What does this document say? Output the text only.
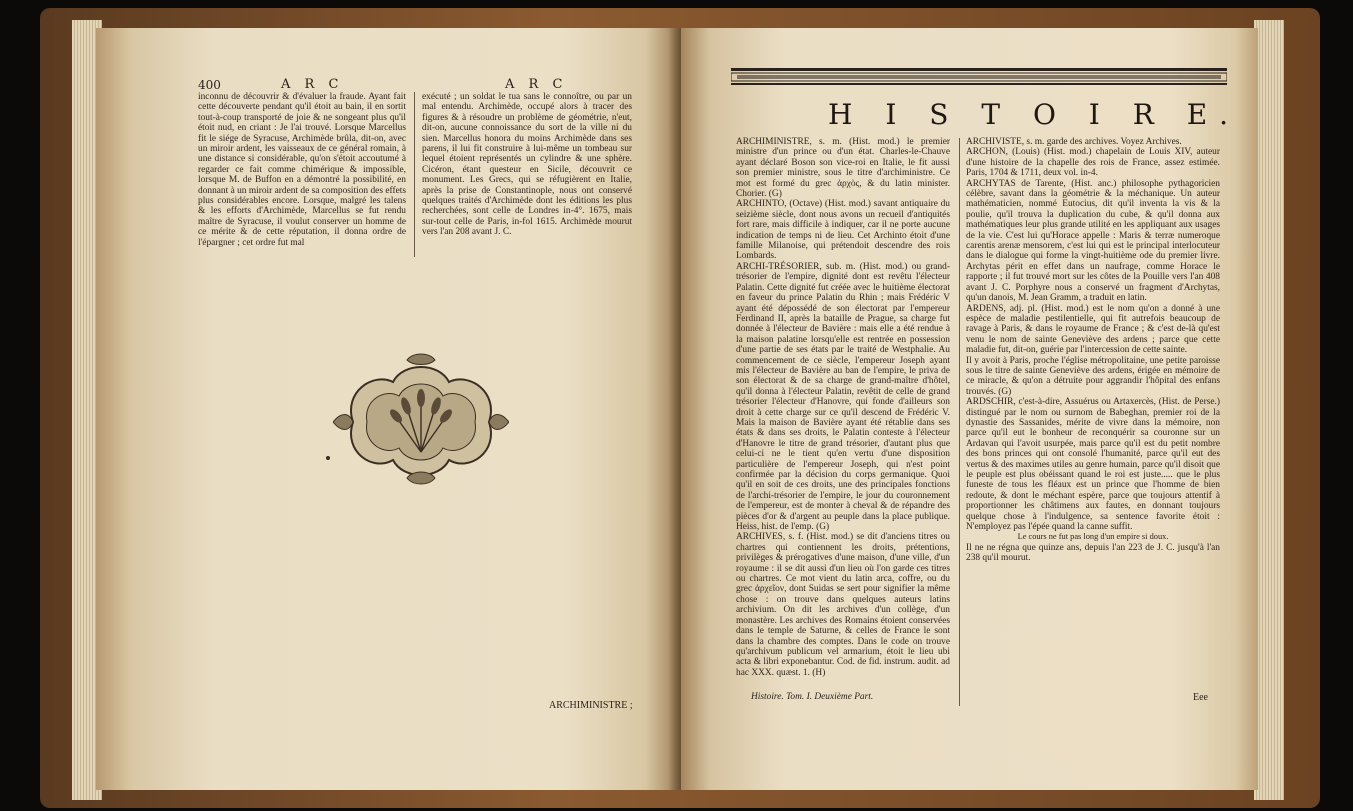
400	A R C	A R C

inconnu de découvrir & d'évaluer la fraude. Ayant fait cette découverte pendant qu'il étoit au bain, il en sortit tout-à-coup transporté de joie & ne songeant plus qu'il étoit nud, en criant : Je l'ai trouvé. Lorsque Marcellus fit le siége de Syracuse, Archimède brûla, dit-on, avec un miroir ardent, les vaisseaux de ce général romain, à une distance si considérable, qu'on s'étoit accoutumé à regarder ce fait comme chimérique & impossible, lorsque M. de Buffon en a démontré la possibilité, en donnant à un miroir ardent de sa composition des effets plus considérables encore. Lorsque, malgré les talens & les efforts d'Archimède, Marcellus se fut rendu maître de Syracuse, il voulut conserver un homme de ce mérite & de cette réputation, il donna ordre de l'épargner ; cet ordre fut mal

exécuté ; un soldat le tua sans le connoître, ou par un mal entendu. Archimède, occupé alors à tracer des figures & à résoudre un problème de géométrie, n'eut, dit-on, aucune connoissance du sort de la ville ni du sien. Marcellus honora du moins Archimède dans ses parens, il lui fit construire à lui-même un tombeau sur lequel étoient représentés un cylindre & une sphère. Cicéron, étant questeur en Sicile, découvrit ce monument. Les Grecs, qui se réfugièrent en Italie, après la prise de Constantinople, nous ont conservé quelques traités d'Archimède dont les éditions les plus recherchées, sont celle de Londres in-4°. 1675, mais sur-tout celle de Paris, in-fol 1615. Archimède mourut vers l'an 208 avant J. C.

ARCHIMINISTRE ;
H I S T O I R E.

ARCHIMINISTRE, s. m. (Hist. mod.) le premier ministre d'un prince ou d'un état. Charles-le-Chauve ayant déclaré Boson son vice-roi en Italie, le fit aussi son premier ministre, sous le titre d'archiministre. Ce mot est formé du grec ἀρχὸς, & du latin minister. Chorier. (G)

ARCHINTO, (Octave) (Hist. mod.) savant antiquaire du seizième siècle, dont nous avons un recueil d'antiquités fort rare, mais difficile à indiquer, car il ne porte aucune indication de temps ni de lieu. Cet Archinto étoit d'une famille Milanoise, qui prétendoit descendre des rois Lombards.

ARCHI-TRÉSORIER, sub. m. (Hist. mod.) ou grand-trésorier de l'empire, dignité dont est revêtu l'électeur Palatin. Cette dignité fut créée avec le huitième électorat en faveur du prince Palatin du Rhin ; mais Frédéric V ayant été dépossédé de son électorat par l'empereur Ferdinand II, après la bataille de Prague, sa charge fut donnée à l'électeur de Bavière : mais elle a été rendue à la maison palatine lorsqu'elle est rentrée en possession d'une partie de ses états par le traité de Westphalie. Au commencement de ce siècle, l'empereur Joseph ayant mis l'électeur de Bavière au ban de l'empire, le priva de son électorat & de sa charge de grand-maître d'hôtel, qu'il donna à l'électeur Palatin, revêtit de celle de grand trésorier l'électeur d'Hanovre, qui fonde d'ailleurs son droit à cette charge sur ce qu'il descend de Frédéric V. Mais la maison de Bavière ayant été rétablie dans ses états & dans ses droits, le Palatin conteste à l'électeur d'Hanovre le titre de grand trésorier, d'autant plus que celui-ci ne le tient qu'en vertu d'une disposition particulière de l'empereur Joseph, qui n'est point confirmée par la décision du corps germanique. Quoi qu'il en soit de ces droits, une des principales fonctions de l'archi-trésorier de l'empire, le jour du couronnement de l'empereur, est de monter à cheval & de répandre des pièces d'or & d'argent au peuple dans la place publique. Heiss, hist. de l'emp. (G)

ARCHIVES, s. f. (Hist. mod.) se dit d'anciens titres ou chartres qui contiennent les droits, prétentions, privilèges & prérogatives d'une maison, d'une ville, d'un royaume : il se dit aussi d'un lieu où l'on garde ces titres ou chartres. Ce mot vient du latin arca, coffre, ou du grec ἀρχεῖον, dont Suidas se sert pour signifier la même chose : on trouve dans quelques auteurs latins archivium. On dit les archives d'un collège, d'un monastère. Les archives des Romains étoient conservées dans le temple de Saturne, & celles de France le sont dans la chambre des comptes. Dans le code on trouve qu'archivum publicum vel armarium, étoit le lieu ubi acta & libri exponebantur. Cod. de fid. instrum. audit. ad hac XXX. quæst. 1. (H)

ARCHIVISTE, s. m. garde des archives. Voyez Archives.

ARCHON, (Louis) (Hist. mod.) chapelain de Louis XIV, auteur d'une histoire de la chapelle des rois de France, assez estimée. Paris, 1704 & 1711, deux vol. in-4.

ARCHYTAS de Tarente, (Hist. anc.) philosophe pythagoricien célèbre, savant dans la géométrie & la méchanique. Un auteur mathématicien, nommé Eutocius, dit qu'il inventa la vis & la poulie, qu'il trouva la duplication du cube, & qu'il donna aux mathématiques leur plus grande utilité en les appliquant aux usages de la vie. C'est lui qu'Horace appelle : Maris & terræ numeroque carentis arenæ mensorem, c'est lui qui est le principal interlocuteur dans le dialogue qui forme la vingt-huitième ode du premier livre. Archytas périt en effet dans un naufrage, comme Horace le rapporte ; il fut trouvé mort sur les côtes de la Pouille vers l'an 408 avant J. C. Porphyre nous a conservé un fragment d'Archytas, qu'un danois, M. Jean Gramm, a traduit en latin.

ARDENS, adj. pl. (Hist. mod.) est le nom qu'on a donné à une espèce de maladie pestilentielle, qui fit autrefois beaucoup de ravage à Paris, & dans le royaume de France ; & c'est de-là qu'est venu le nom de sainte Geneviève des ardens ; parce que cette maladie fut, dit-on, guérie par l'intercession de cette sainte.

Il y avoit à Paris, proche l'église métropolitaine, une petite paroisse sous le titre de sainte Geneviève des ardens, érigée en mémoire de ce miracle, & qu'on a détruite pour aggrandir l'hôpital des enfans trouvés. (G)

ARDSCHIR, c'est-à-dire, Assuérus ou Artaxercès, (Hist. de Perse.) distingué par le nom ou surnom de Babeghan, premier roi de la dynastie des Sassanides, mérite de vivre dans la mémoire, non parce qu'il eut le bonheur de reconquérir sa couronne sur un Ardavan qui l'avoit usurpée, mais parce qu'il est du petit nombre des bons princes qui ont consolé l'humanité, parce qu'il eut des vertus & des maximes utiles au genre humain, parce qu'il disoit que le peuple est plus obéissant quand le roi est juste..... que le plus funeste de tous les fléaux est un prince que l'homme de bien redoute, & dont le méchant espère, parce que toujours attentif à proportionner les châtimens aux fautes, en donnant toujours quelque chose à l'indulgence, sa sentence favorite étoit : N'employez pas l'épée quand la canne suffit.

Le cours ne fut pas long d'un empire si doux.

Il ne ne régna que quinze ans, depuis l'an 223 de J. C. jusqu'à l'an 238 qu'il mourut.

Histoire. Tom. I. Deuxième Part.	Eee
